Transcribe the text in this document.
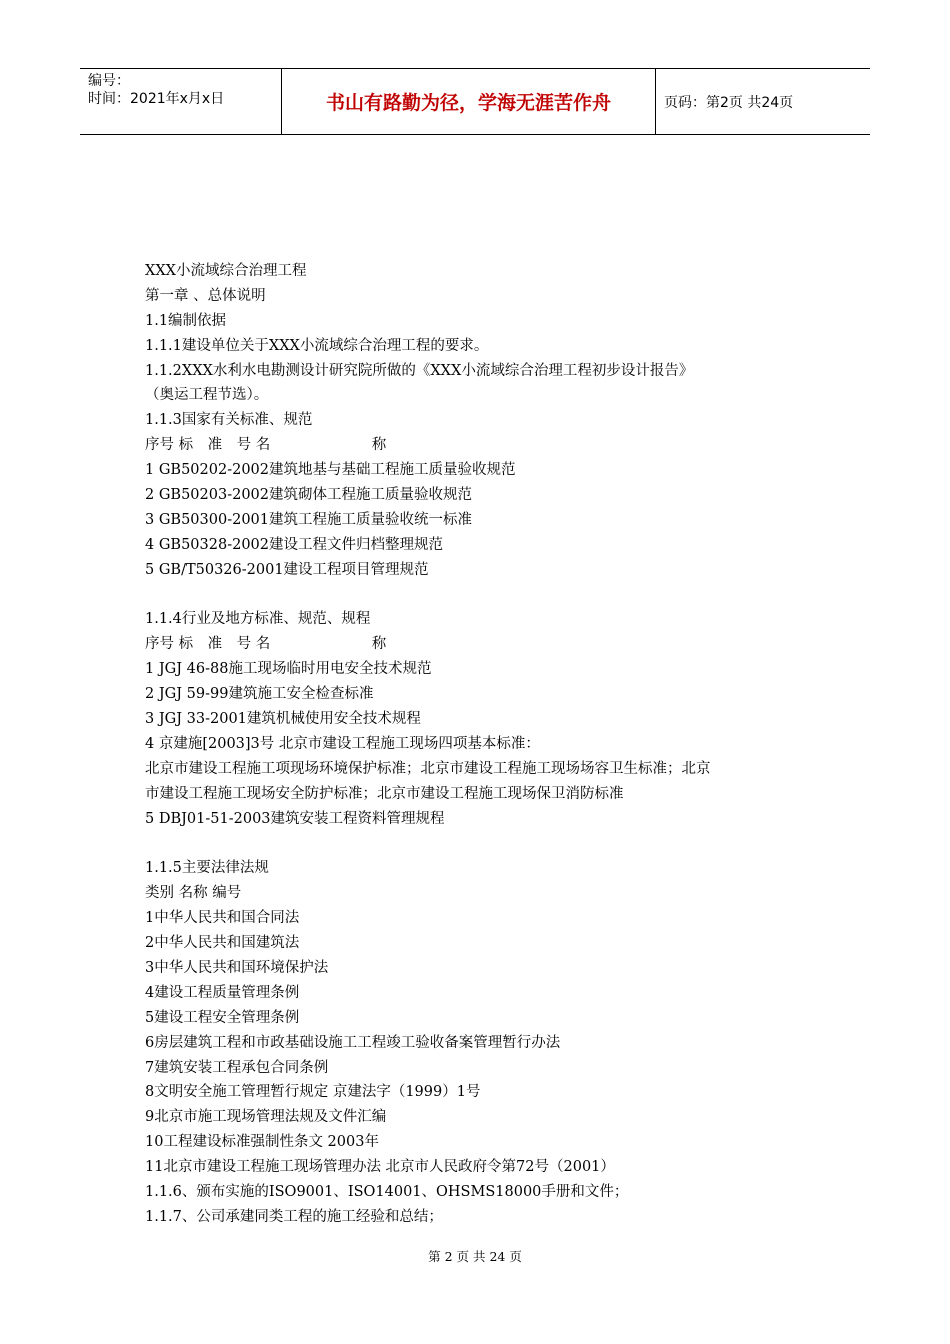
编号：
时间：2021年x月x日	书山有路勤为径，学海无涯苦作舟	页码：第2页 共24页
XXX小流域综合治理工程
第一章 、总体说明
1.1编制依据
1.1.1建设单位关于XXX小流域综合治理工程的要求。
1.1.2XXX水利水电勘测设计研究院所做的《XXX小流域综合治理工程初步设计报告》
（奥运工程节选）。
1.1.3国家有关标准、规范
序号 标　准　号 名　　　　　　　称
1 GB50202-2002建筑地基与基础工程施工质量验收规范
2 GB50203-2002建筑砌体工程施工质量验收规范
3 GB50300-2001建筑工程施工质量验收统一标准
4 GB50328-2002建设工程文件归档整理规范
5 GB/T50326-2001建设工程项目管理规范
1.1.4行业及地方标准、规范、规程
序号 标　准　号 名　　　　　　　称
1 JGJ 46-88施工现场临时用电安全技术规范
2 JGJ 59-99建筑施工安全检查标准
3 JGJ 33-2001建筑机械使用安全技术规程
4 京建施[2003]3号 北京市建设工程施工现场四项基本标准：
北京市建设工程施工项现场环境保护标准；北京市建设工程施工现场场容卫生标准；北京
市建设工程施工现场安全防护标准；北京市建设工程施工现场保卫消防标准
5 DBJ01-51-2003建筑安装工程资料管理规程
1.1.5主要法律法规
类别 名称 编号
1中华人民共和国合同法
2中华人民共和国建筑法
3中华人民共和国环境保护法
4建设工程质量管理条例
5建设工程安全管理条例
6房层建筑工程和市政基础设施工工程竣工验收备案管理暂行办法
7建筑安装工程承包合同条例
8文明安全施工管理暂行规定 京建法字（1999）1号
9北京市施工现场管理法规及文件汇编
10工程建设标准强制性条文 2003年
11北京市建设工程施工现场管理办法 北京市人民政府令第72号（2001）
1.1.6、颁布实施的ISO9001、ISO14001、OHSMS18000手册和文件；
1.1.7、公司承建同类工程的施工经验和总结；
第 2 页 共 24 页
